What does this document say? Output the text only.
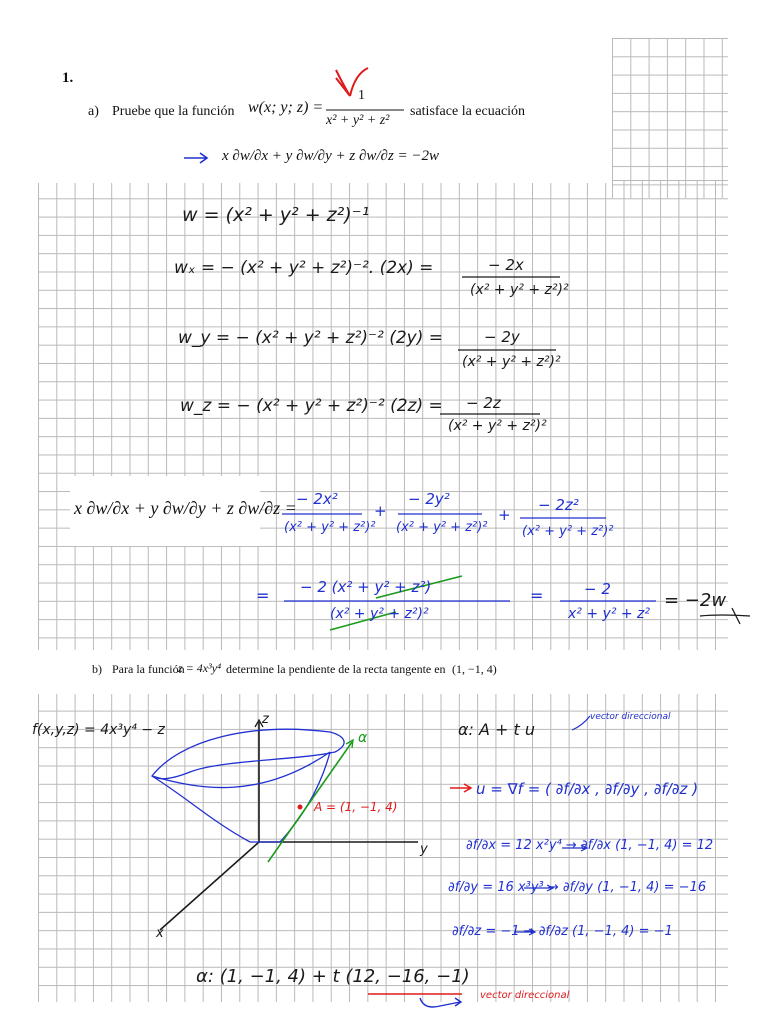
1.
a) Pruebe que la función w(x; y; z) =
1
x² + y² + z²
satisface la ecuación
x ∂w/∂x + y ∂w/∂y + z ∂w/∂z = −2w
b) Para la función
z = 4x³y⁴ determine la pendiente de la recta tangente en (1, −1, 4)
w = (x² + y² + z²)⁻¹
wₓ = − (x² + y² + z²)⁻². (2x) =	− 2x
(x² + y² + z²)²
w_y = − (x² + y² + z²)⁻² (2y) =	− 2y
(x² + y² + z²)²
w_z = − (x² + y² + z²)⁻² (2z) = − 2z
(x² + y² + z²)²
x ∂w/∂x + y ∂w/∂y + z ∂w/∂z = − 2x²
(x² + y² + z²)²
+
− 2y²
(x² + y² + z²)²
+
− 2z²
(x² + y² + z²)²
= − 2 (x² + y² + z²)
(x² + y² + z²)²
=	− 2
x² + y² + z²
= −2w
f(x,y,z) = 4x³y⁴ − z
z
y
x
α
A = (1, −1, 4)
α: A + t u
vector direccional
u = ∇f = ( ∂f/∂x , ∂f/∂y , ∂f/∂z )
∂f/∂x = 12 x²y⁴ → ∂f/∂x (1, −1, 4) = 12
∂f/∂y = 16 x³y³ → ∂f/∂y (1, −1, 4) = −16
∂f/∂z = −1 → ∂f/∂z (1, −1, 4) = −1
α: (1, −1, 4) + t (12, −16, −1)
vector direccional
